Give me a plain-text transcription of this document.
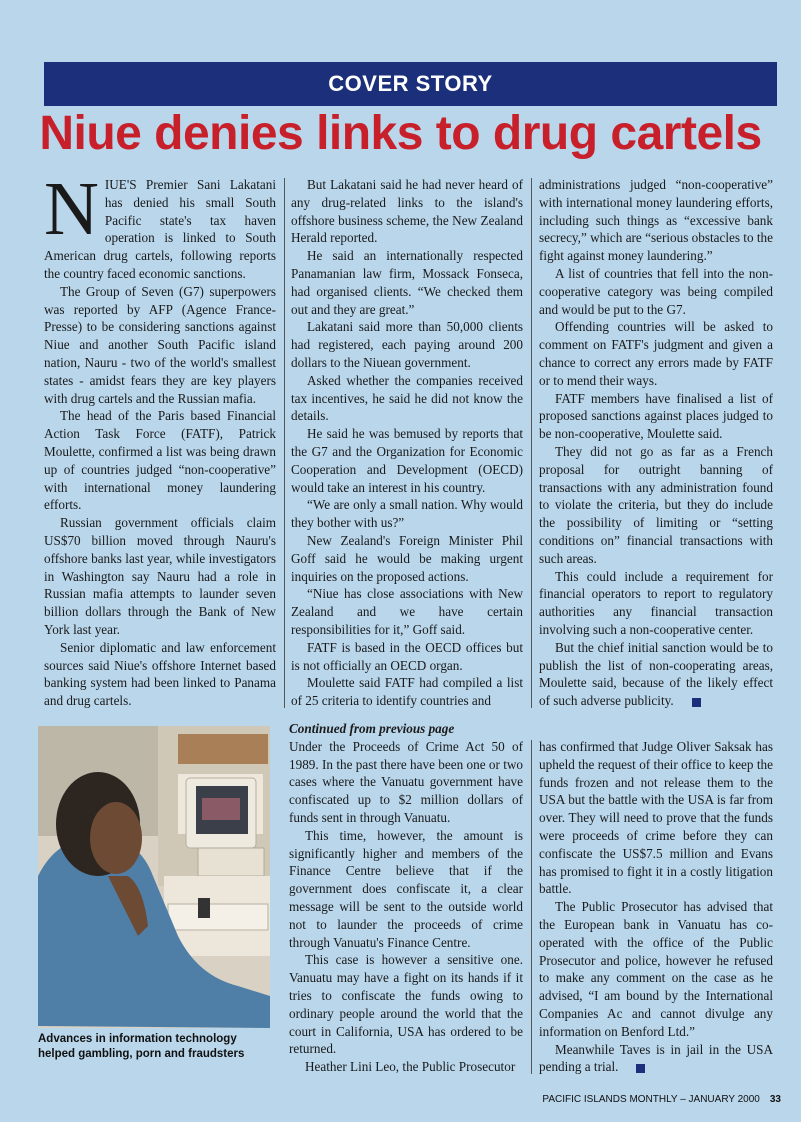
COVER STORY
Niue denies links to drug cartels

NIUE'S Premier Sani Lakatani has denied his small South Pacific state's tax haven operation is linked to South American drug cartels, following reports the country faced economic sanctions.

The Group of Seven (G7) superpowers was reported by AFP (Agence France-Presse) to be considering sanctions against Niue and another South Pacific island nation, Nauru - two of the world's smallest states - amidst fears they are key players with drug cartels and the Russian mafia.

The head of the Paris based Financial Action Task Force (FATF), Patrick Moulette, confirmed a list was being drawn up of countries judged “non-cooperative” with international money laundering efforts.

Russian government officials claim US$70 billion moved through Nauru's offshore banks last year, while investigators in Washington say Nauru had a role in Russian mafia attempts to launder seven billion dollars through the Bank of New York last year.

Senior diplomatic and law enforcement sources said Niue's offshore Internet based banking system had been linked to Panama and drug cartels.

But Lakatani said he had never heard of any drug-related links to the island's offshore business scheme, the New Zealand Herald reported.

He said an internationally respected Panamanian law firm, Mossack Fonseca, had organised clients. “We checked them out and they are great.”

Lakatani said more than 50,000 clients had registered, each paying around 200 dollars to the Niuean government.

Asked whether the companies received tax incentives, he said he did not know the details.

He said he was bemused by reports that the G7 and the Organization for Economic Cooperation and Development (OECD) would take an interest in his country.

“We are only a small nation. Why would they bother with us?”

New Zealand's Foreign Minister Phil Goff said he would be making urgent inquiries on the proposed actions.

“Niue has close associations with New Zealand and we have certain responsibilities for it,” Goff said.

FATF is based in the OECD offices but is not officially an OECD organ.

Moulette said FATF had compiled a list of 25 criteria to identify countries and

administrations judged “non-cooperative” with international money laundering efforts, including such things as “excessive bank secrecy,” which are “serious obstacles to the fight against money laundering.”

A list of countries that fell into the non-cooperative category was being compiled and would be put to the G7.

Offending countries will be asked to comment on FATF's judgment and given a chance to correct any errors made by FATF or to mend their ways.

FATF members have finalised a list of proposed sanctions against places judged to be non-cooperative, Moulette said.

They did not go as far as a French proposal for outright banning of transactions with any administration found to violate the criteria, but they do include the possibility of limiting or “setting conditions on” financial transactions with such areas.

This could include a requirement for financial operators to report to regulatory authorities any financial transaction involving such a non-cooperative center.

But the chief initial sanction would be to publish the list of non-cooperating areas, Moulette said, because of the likely effect of such adverse publicity.

Advances in information technology helped gambling, porn and fraudsters

Continued from previous page

Under the Proceeds of Crime Act 50 of 1989. In the past there have been one or two cases where the Vanuatu government have confiscated up to $2 million dollars of funds sent in through Vanuatu.

This time, however, the amount is significantly higher and members of the Finance Centre believe that if the government does confiscate it, a clear message will be sent to the outside world not to launder the proceeds of crime through Vanuatu's Finance Centre.

This case is however a sensitive one. Vanuatu may have a fight on its hands if it tries to confiscate the funds owing to ordinary people around the world that the court in California, USA has ordered to be returned.

Heather Lini Leo, the Public Prosecutor

has confirmed that Judge Oliver Saksak has upheld the request of their office to keep the funds frozen and not release them to the USA but the battle with the USA is far from over. They will need to prove that the funds were proceeds of crime before they can confiscate the US$7.5 million and Evans has promised to fight it in a costly litigation battle.

The Public Prosecutor has advised that the European bank in Vanuatu has co-operated with the office of the Public Prosecutor and police, however he refused to make any comment on the case as he advised, “I am bound by the International Companies Ac and cannot divulge any information on Benford Ltd.”

Meanwhile Taves is in jail in the USA pending a trial.

PACIFIC ISLANDS MONTHLY – JANUARY 2000 33
